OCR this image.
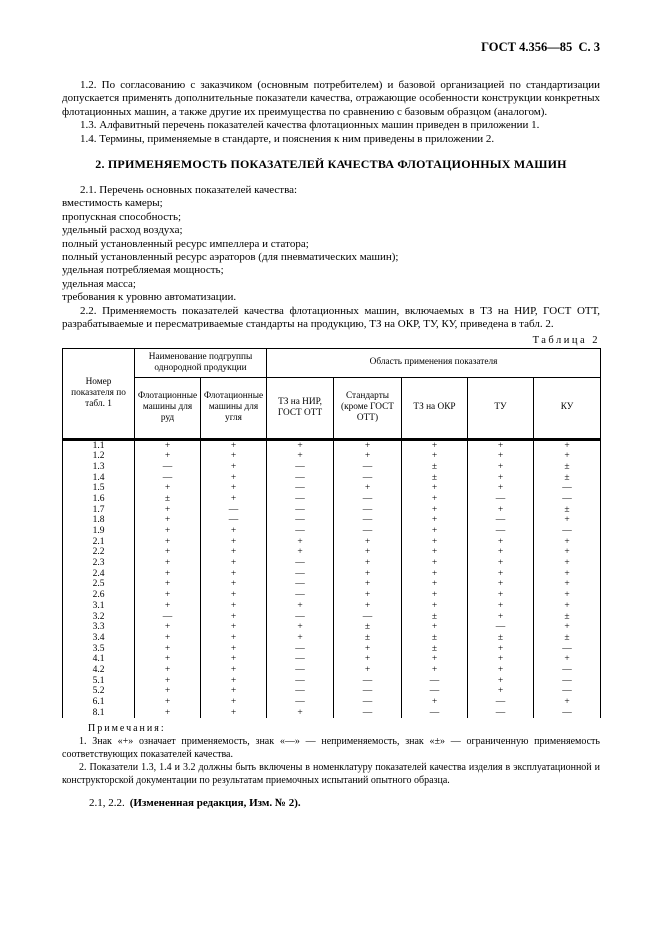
ГОСТ 4.356—85  С. 3

1.2. По согласованию с заказчиком (основным потребителем) и базовой организацией по стандартизации допускается применять дополнительные показатели качества, отражающие особенности конструкции конкретных флотационных машин, а также другие их преимущества по сравнению с базовым образцом (аналогом).

1.3. Алфавитный перечень показателей качества флотационных машин приведен в приложении 1.

1.4. Термины, применяемые в стандарте, и пояснения к ним приведены в приложении 2.

2. ПРИМЕНЯЕМОСТЬ ПОКАЗАТЕЛЕЙ КАЧЕСТВА ФЛОТАЦИОННЫХ МАШИН

2.1. Перечень основных показателей качества:

вместимость камеры;
пропускная способность;
удельный расход воздуха;
полный установленный ресурс импеллера и статора;
полный установленный ресурс аэраторов (для пневматических машин);
удельная потребляемая мощность;
удельная масса;
требования к уровню автоматизации.

2.2. Применяемость показателей качества флотационных машин, включаемых в ТЗ на НИР, ГОСТ ОТТ, разрабатываемые и пересматриваемые стандарты на продукцию, ТЗ на ОКР, ТУ, КУ, приведена в табл. 2.

Таблица 2
Номер показателя по табл. 1	Наименование подгруппы однородной продукции		Область применения показателя				
	Флотационные машины для руд	Флотационные машины для угля	ТЗ на НИР, ГОСТ ОТТ	Стандарты (кроме ГОСТ ОТТ)	ТЗ на ОКР	ТУ	КУ
1.1	+	+	+	+	+	+	+
1.2	+	+	+	+	+	+	+
1.3	—	+	—	—	±	+	±
1.4	—	+	—	—	±	+	±
1.5	+	+	—	+	+	+	—
1.6	±	+	—	—	+	—	—
1.7	+	—	—	—	+	+	±
1.8	+	—	—	—	+	—	+
1.9	+	+	—	—	+	—	—
2.1	+	+	+	+	+	+	+
2.2	+	+	+	+	+	+	+
2.3	+	+	—	+	+	+	+
2.4	+	+	—	+	+	+	+
2.5	+	+	—	+	+	+	+
2.6	+	+	—	+	+	+	+
3.1	+	+	+	+	+	+	+
3.2	—	+	—	—	±	+	±
3.3	+	+	+	±	+	—	+
3.4	+	+	+	±	±	±	±
3.5	+	+	—	+	±	+	—
4.1	+	+	—	+	+	+	+
4.2	+	+	—	+	+	+	—
5.1	+	+	—	—	—	+	—
5.2	+	+	—	—	—	+	—
6.1	+	+	—	—	+	—	+
8.1	+	+	+	—	—	—	—
Примечания:

1. Знак «+» означает применяемость, знак «—» — неприменяемость, знак «±» — ограниченную применяемость соответствующих показателей качества.

2. Показатели 1.3, 1.4 и 3.2 должны быть включены в номенклатуру показателей качества изделия в эксплуатационной и конструкторской документации по результатам приемочных испытаний опытного образца.

2.1, 2.2. (Измененная редакция, Изм. № 2).
